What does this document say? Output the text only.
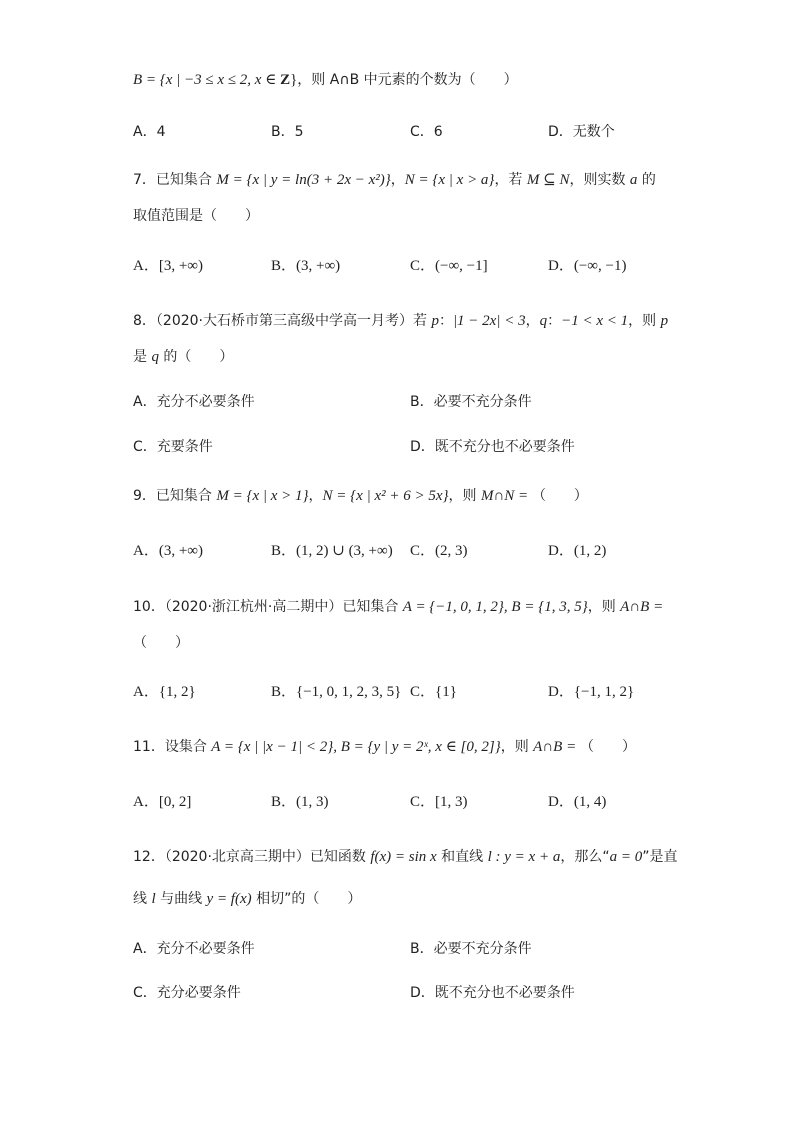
B = {x | −3 ≤ x ≤ 2, x ∈ Z}，则 A∩B 中元素的个数为（　　）
A．4	B．5	C．6	D．无数个
7．已知集合 M = {x | y = ln(3 + 2x − x²)}，N = {x | x > a}，若 M ⊆ N，则实数 a 的
取值范围是（　　）
A．[3, +∞)	B．(3, +∞)	C．(−∞, −1]	D．(−∞, −1)
8．（2020·大石桥市第三高级中学高一月考）若 p：|1 − 2x| < 3，q：−1 < x < 1，则 p
是 q 的（　　）
A．充分不必要条件	B．必要不充分条件
C．充要条件	D．既不充分也不必要条件
9．已知集合 M = {x | x > 1}，N = {x | x² + 6 > 5x}，则 M∩N = （　　）
A．(3, +∞)	B．(1, 2) ∪ (3, +∞) C．(2, 3)	D．(1, 2)
10．（2020·浙江杭州·高二期中）已知集合 A = {−1, 0, 1, 2}, B = {1, 3, 5}，则 A∩B =
（　　）
A．{1, 2}	B．{−1, 0, 1, 2, 3, 5} C．{1}	D．{−1, 1, 2}
11．设集合 A = {x | |x − 1| < 2}, B = {y | y = 2ˣ, x ∈ [0, 2]}，则 A∩B = （　　）
A．[0, 2]	B．(1, 3)	C．[1, 3)	D．(1, 4)
12．（2020·北京高三期中）已知函数 f(x) = sin x 和直线 l : y = x + a，那么“a = 0”是直
线 l 与曲线 y = f(x) 相切”的（　　）
A．充分不必要条件	B．必要不充分条件
C．充分必要条件	D．既不充分也不必要条件
